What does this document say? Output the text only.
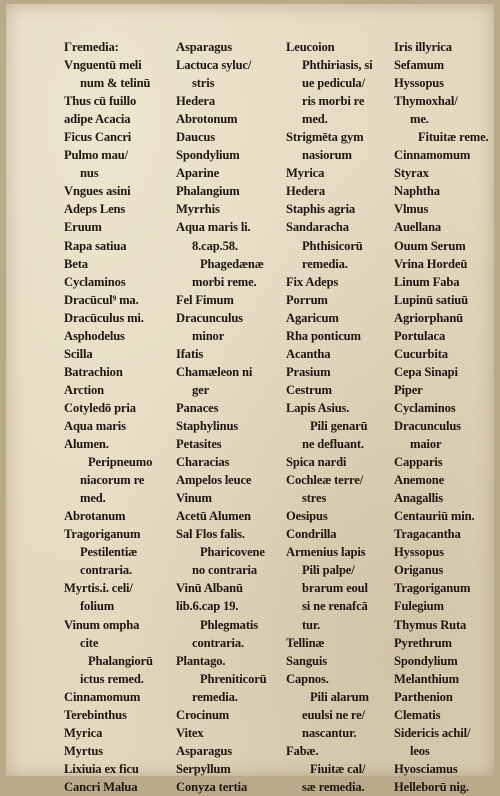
Γremedia:
Vnguentū meli
num & telinū
Thus cū fuillo
adipe Acacia
Ficus Cancri
Pulmo mau/
nus
Vngues asini
Adeps Lens
Eruum
Rapa satiua
Beta
Cyclaminos
Dracūcul⁹ ma.
Dracūculus mi.
Asphodelus
Scilla
Batrachion
Arction
Cotyledō pria
Aqua maris
Alumen.
Peripneumo
niacorum re
med.
Abrotanum
Tragoriganum
Pestilentiæ
contraria.
Myrtis.i. celi/
folium
Vinum ompha
cite
Phalangiorū
ictus remed.
Cinnamomum
Terebinthus
Myrica
Myrtus
Lixiuia ex ficu
Cancri Malua
Asparagus
Lactuca syluc/
stris
Hedera
Abrotonum
Daucus
Spondylium
Aparine
Phalangium
Myrrhis
Aqua maris li.
8.cap.58.
Phagedænæ
morbi reme.
Fel Fimum
Dracunculus
minor
Ifatis
Chamæleon ni
ger
Panaces
Staphylinus
Petasites
Characias
Ampelos leuce
Vinum
Acetū Alumen
Sal Flos falis.
Pharicovene
no contraria
Vinū Albanū
lib.6.cap 19.
Phlegmatis
contraria.
Plantago.
Phreniticorū
remedia.
Crocinum
Vitex
Asparagus
Serpyllum
Conyza tertia
Leucoion
Phthiriasis, si
ue pedicula/
ris morbi re
med.
Strigmēta gym
nasiorum
Myrica
Hedera
Staphis agria
Sandaracha
Phthisicorū
remedia.
Fix Adeps
Porrum
Agaricum
Rha ponticum
Acantha
Prasium
Cestrum
Lapis Asius.
Pili genarū
ne defluant.
Spica nardi
Cochleæ terre/
stres
Oesipus
Condrilla
Armenius lapis
Pili palpe/
brarum eoul
si ne renafcā
tur.
Tellinæ
Sanguis
Capnos.
Pili alarum
euulsi ne re/
nascantur.
Fabæ.
Fiuitæ cal/
sæ remedia.
Iris illyrica
Sefamum
Hyssopus
Thymoxhal/
me.
Fituitæ reme.
Cinnamomum
Styrax
Naphtha
Vlmus
Auellana
Ouum Serum
Vrina Hordeū
Linum Faba
Lupinū satiuū
Agriorphanū
Portulaca
Cucurbita
Cepa Sinapi
Piper
Cyclaminos
Dracunculus
maior
Capparis
Anemone
Anagallis
Centauriū min.
Tragacantha
Hyssopus
Origanus
Tragoriganum
Fulegium
Thymus Ruta
Pyrethrum
Spondylium
Melanthium
Parthenion
Clematis
Sidericis achil/
leos
Hyosciamus
Helleborū nig.
